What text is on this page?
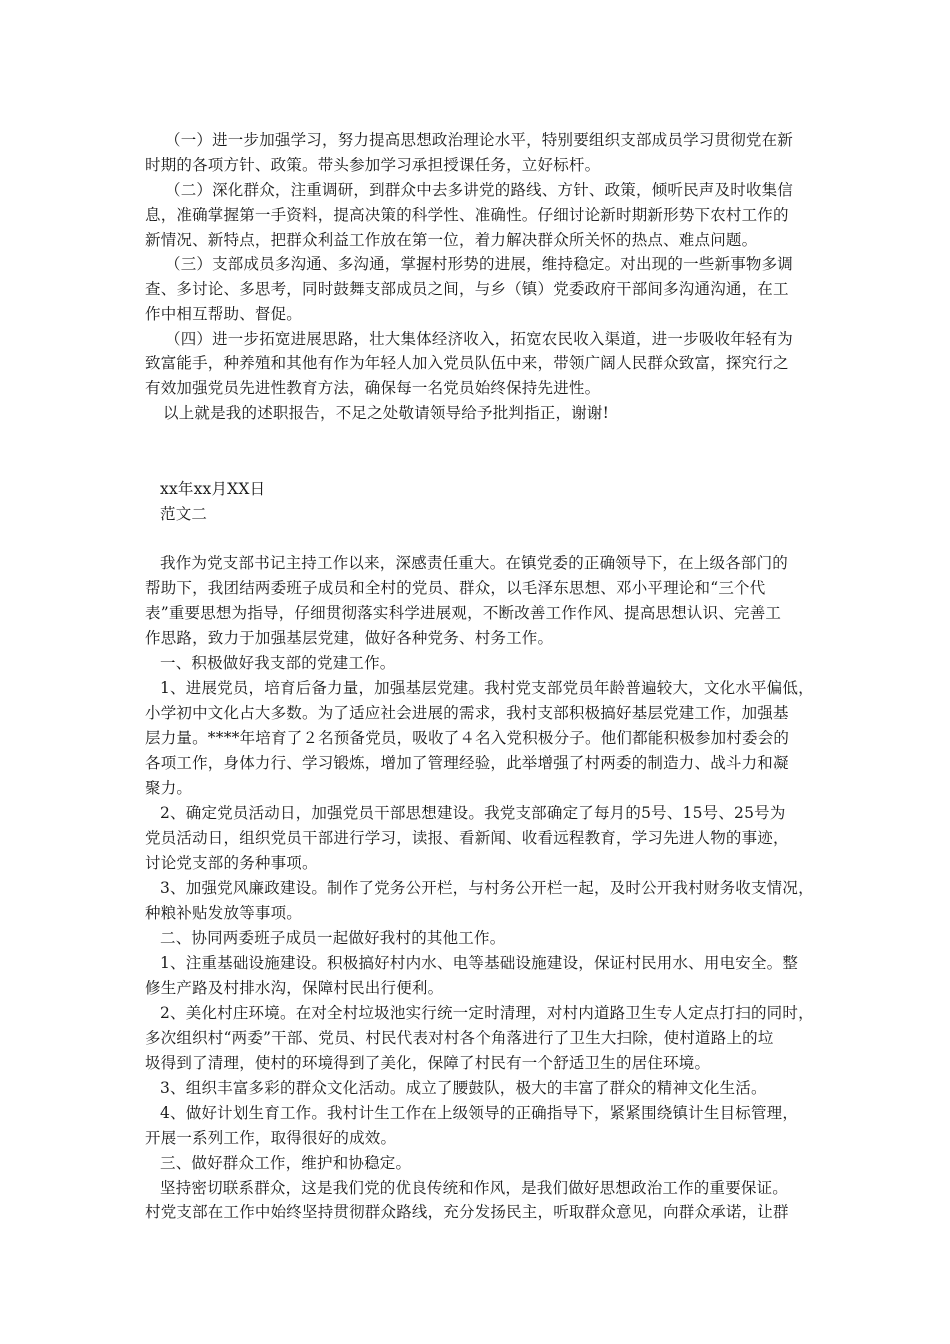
（一）进一步加强学习，努力提高思想政治理论水平，特别要组织支部成员学习贯彻党在新
时期的各项方针、政策。带头参加学习承担授课任务，立好标杆。
（二）深化群众，注重调研，到群众中去多讲党的路线、方针、政策，倾听民声及时收集信
息，准确掌握第一手资料，提高决策的科学性、准确性。仔细讨论新时期新形势下农村工作的
新情况、新特点，把群众利益工作放在第一位，着力解决群众所关怀的热点、难点问题。
（三）支部成员多沟通、多沟通，掌握村形势的进展，维持稳定。对出现的一些新事物多调
查、多讨论、多思考，同时鼓舞支部成员之间，与乡（镇）党委政府干部间多沟通沟通，在工
作中相互帮助、督促。
（四）进一步拓宽进展思路，壮大集体经济收入，拓宽农民收入渠道，进一步吸收年轻有为
致富能手，种养殖和其他有作为年轻人加入党员队伍中来，带领广阔人民群众致富，探究行之
有效加强党员先进性教育方法，确保每一名党员始终保持先进性。
以上就是我的述职报告，不足之处敬请领导给予批判指正，谢谢!
xx年xx月XX日
范文二
我作为党支部书记主持工作以来，深感责任重大。在镇党委的正确领导下，在上级各部门的
帮助下，我团结两委班子成员和全村的党员、群众，以毛泽东思想、邓小平理论和“三个代
表”重要思想为指导，仔细贯彻落实科学进展观，不断改善工作作风、提高思想认识、完善工
作思路，致力于加强基层党建，做好各种党务、村务工作。
一、积极做好我支部的党建工作。
1、进展党员，培育后备力量，加强基层党建。我村党支部党员年龄普遍较大，文化水平偏低，
小学初中文化占大多数。为了适应社会进展的需求，我村支部积极搞好基层党建工作，加强基
层力量。****年培育了２名预备党员，吸收了４名入党积极分子。他们都能积极参加村委会的
各项工作，身体力行、学习锻炼，增加了管理经验，此举增强了村两委的制造力、战斗力和凝
聚力。
2、确定党员活动日，加强党员干部思想建设。我党支部确定了每月的5号、15号、25号为
党员活动日，组织党员干部进行学习，读报、看新闻、收看远程教育，学习先进人物的事迹，
讨论党支部的务种事项。
3、加强党风廉政建设。制作了党务公开栏，与村务公开栏一起，及时公开我村财务收支情况，
种粮补贴发放等事项。
二、协同两委班子成员一起做好我村的其他工作。
1、注重基础设施建设。积极搞好村内水、电等基础设施建设，保证村民用水、用电安全。整
修生产路及村排水沟，保障村民出行便利。
2、美化村庄环境。在对全村垃圾池实行统一定时清理，对村内道路卫生专人定点打扫的同时，
多次组织村“两委”干部、党员、村民代表对村各个角落进行了卫生大扫除，使村道路上的垃
圾得到了清理，使村的环境得到了美化，保障了村民有一个舒适卫生的居住环境。
3、组织丰富多彩的群众文化活动。成立了腰鼓队，极大的丰富了群众的精神文化生活。
4、做好计划生育工作。我村计生工作在上级领导的正确指导下，紧紧围绕镇计生目标管理，
开展一系列工作，取得很好的成效。
三、做好群众工作，维护和协稳定。
坚持密切联系群众，这是我们党的优良传统和作风，是我们做好思想政治工作的重要保证。
村党支部在工作中始终坚持贯彻群众路线，充分发扬民主，听取群众意见，向群众承诺，让群
